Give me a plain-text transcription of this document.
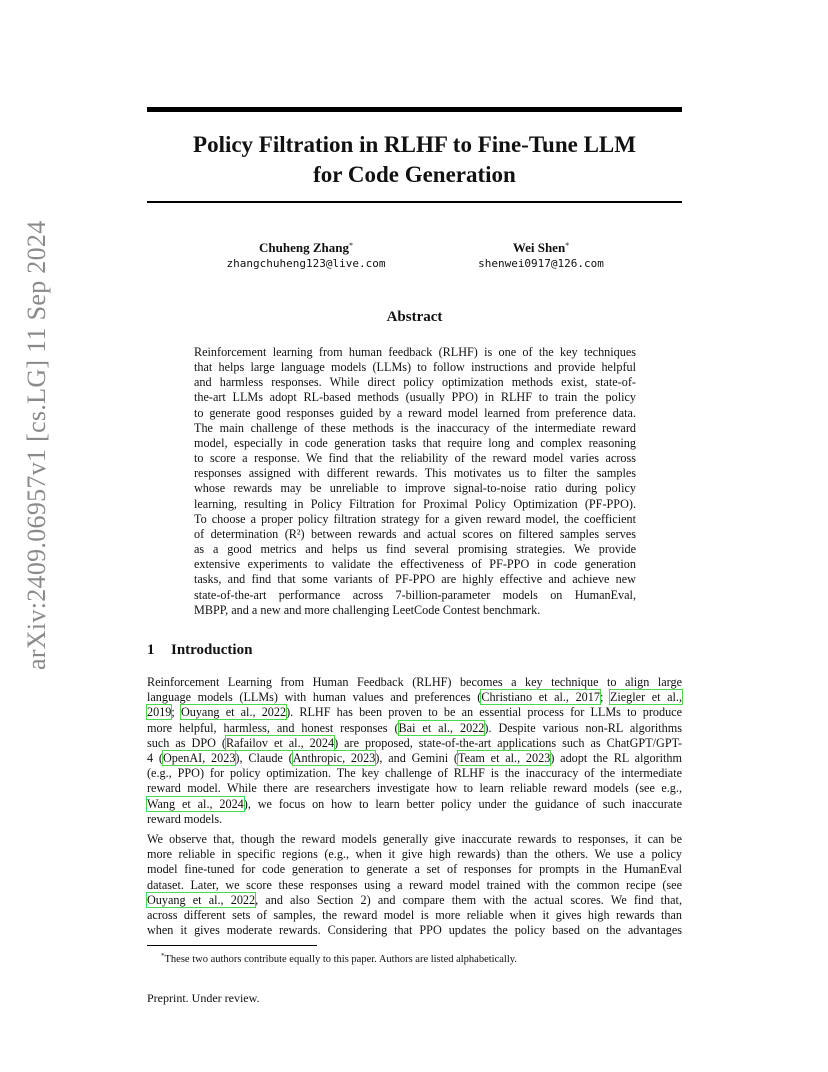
arXiv:2409.06957v1 [cs.LG] 11 Sep 2024
Policy Filtration in RLHF to Fine-Tune LLM
for Code Generation
Chuheng Zhang*
zhangchuheng123@live.com
Wei Shen*
shenwei0917@126.com
Abstract
Reinforcement learning from human feedback (RLHF) is one of the key techniques
that helps large language models (LLMs) to follow instructions and provide helpful
and harmless responses. While direct policy optimization methods exist, state-of-
the-art LLMs adopt RL-based methods (usually PPO) in RLHF to train the policy
to generate good responses guided by a reward model learned from preference data.
The main challenge of these methods is the inaccuracy of the intermediate reward
model, especially in code generation tasks that require long and complex reasoning
to score a response. We find that the reliability of the reward model varies across
responses assigned with different rewards. This motivates us to filter the samples
whose rewards may be unreliable to improve signal-to-noise ratio during policy
learning, resulting in Policy Filtration for Proximal Policy Optimization (PF-PPO).
To choose a proper policy filtration strategy for a given reward model, the coefficient
of determination (R²) between rewards and actual scores on filtered samples serves
as a good metrics and helps us find several promising strategies. We provide
extensive experiments to validate the effectiveness of PF-PPO in code generation
tasks, and find that some variants of PF-PPO are highly effective and achieve new
state-of-the-art performance across 7-billion-parameter models on HumanEval,
MBPP, and a new and more challenging LeetCode Contest benchmark.
1 Introduction
Reinforcement Learning from Human Feedback (RLHF) becomes a key technique to align large
language models (LLMs) with human values and preferences (Christiano et al., 2017; Ziegler et al.,
2019; Ouyang et al., 2022). RLHF has been proven to be an essential process for LLMs to produce
more helpful, harmless, and honest responses (Bai et al., 2022). Despite various non-RL algorithms
such as DPO (Rafailov et al., 2024) are proposed, state-of-the-art applications such as ChatGPT/GPT-
4 (OpenAI, 2023), Claude (Anthropic, 2023), and Gemini (Team et al., 2023) adopt the RL algorithm
(e.g., PPO) for policy optimization. The key challenge of RLHF is the inaccuracy of the intermediate
reward model. While there are researchers investigate how to learn reliable reward models (see e.g.,
Wang et al., 2024), we focus on how to learn better policy under the guidance of such inaccurate
reward models.
We observe that, though the reward models generally give inaccurate rewards to responses, it can be
more reliable in specific regions (e.g., when it give high rewards) than the others. We use a policy
model fine-tuned for code generation to generate a set of responses for prompts in the HumanEval
dataset. Later, we score these responses using a reward model trained with the common recipe (see
Ouyang et al., 2022, and also Section 2) and compare them with the actual scores. We find that,
across different sets of samples, the reward model is more reliable when it gives high rewards than
when it gives moderate rewards. Considering that PPO updates the policy based on the advantages
*These two authors contribute equally to this paper. Authors are listed alphabetically.
Preprint. Under review.
